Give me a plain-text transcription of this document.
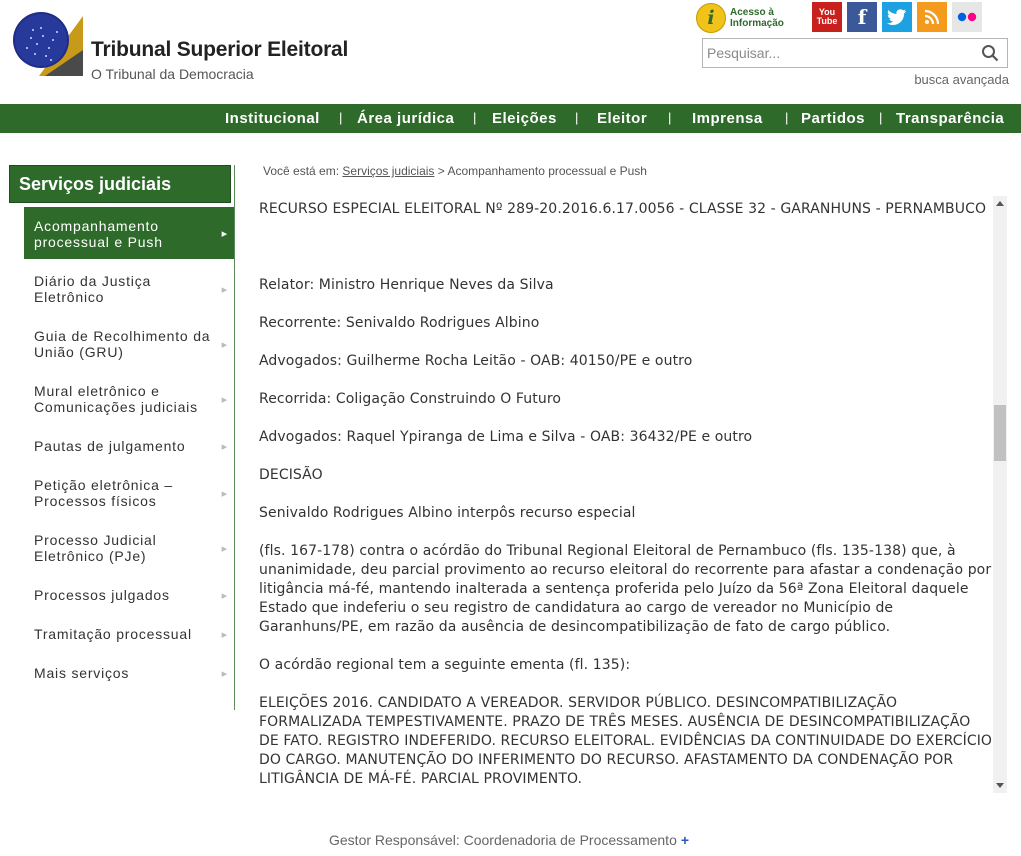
Tribunal Superior Eleitoral
O Tribunal da Democracia
i	Acesso à
Informação
You
Tube	f
Pesquisar...
busca avançada
Institucional | Área jurídica | Eleições | Eleitor | Imprensa | Partidos | Transparência
Serviços judiciais
Acompanhamento
processual e Push	▸
Diário da Justiça
Eletrônico	▸
Guia de Recolhimento da
União (GRU)	▸
Mural eletrônico e
Comunicações judiciais	▸
Pautas de julgamento	▸
Petição eletrônica –
Processos físicos	▸
Processo Judicial
Eletrônico (PJe)	▸
Processos julgados	▸
Tramitação processual	▸
Mais serviços	▸
Você está em: Serviços judiciais > Acompanhamento processual e Push

RECURSO ESPECIAL ELEITORAL Nº 289-20.2016.6.17.0056 - CLASSE 32 - GARANHUNS - PERNAMBUCO

Relator: Ministro Henrique Neves da Silva

Recorrente: Senivaldo Rodrigues Albino

Advogados: Guilherme Rocha Leitão - OAB: 40150/PE e outro

Recorrida: Coligação Construindo O Futuro

Advogados: Raquel Ypiranga de Lima e Silva - OAB: 36432/PE e outro

DECISÃO

Senivaldo Rodrigues Albino interpôs recurso especial

(fls. 167-178) contra o acórdão do Tribunal Regional Eleitoral de Pernambuco (fls. 135-138) que, à unanimidade, deu parcial provimento ao recurso eleitoral do recorrente para afastar a condenação por litigância má-fé, mantendo inalterada a sentença proferida pelo Juízo da 56ª Zona Eleitoral daquele Estado que indeferiu o seu registro de candidatura ao cargo de vereador no Município de Garanhuns/PE, em razão da ausência de desincompatibilização de fato de cargo público.

O acórdão regional tem a seguinte ementa (fl. 135):

ELEIÇÕES 2016. CANDIDATO A VEREADOR. SERVIDOR PÚBLICO. DESINCOMPATIBILIZAÇÃO FORMALIZADA TEMPESTIVAMENTE. PRAZO DE TRÊS MESES. AUSÊNCIA DE DESINCOMPATIBILIZAÇÃO DE FATO. REGISTRO INDEFERIDO. RECURSO ELEITORAL. EVIDÊNCIAS DA CONTINUIDADE DO EXERCÍCIO DO CARGO. MANUTENÇÃO DO INFERIMENTO DO RECURSO. AFASTAMENTO DA CONDENAÇÃO POR LITIGÂNCIA DE MÁ-FÉ. PARCIAL PROVIMENTO.

Gestor Responsável: Coordenadoria de Processamento +
